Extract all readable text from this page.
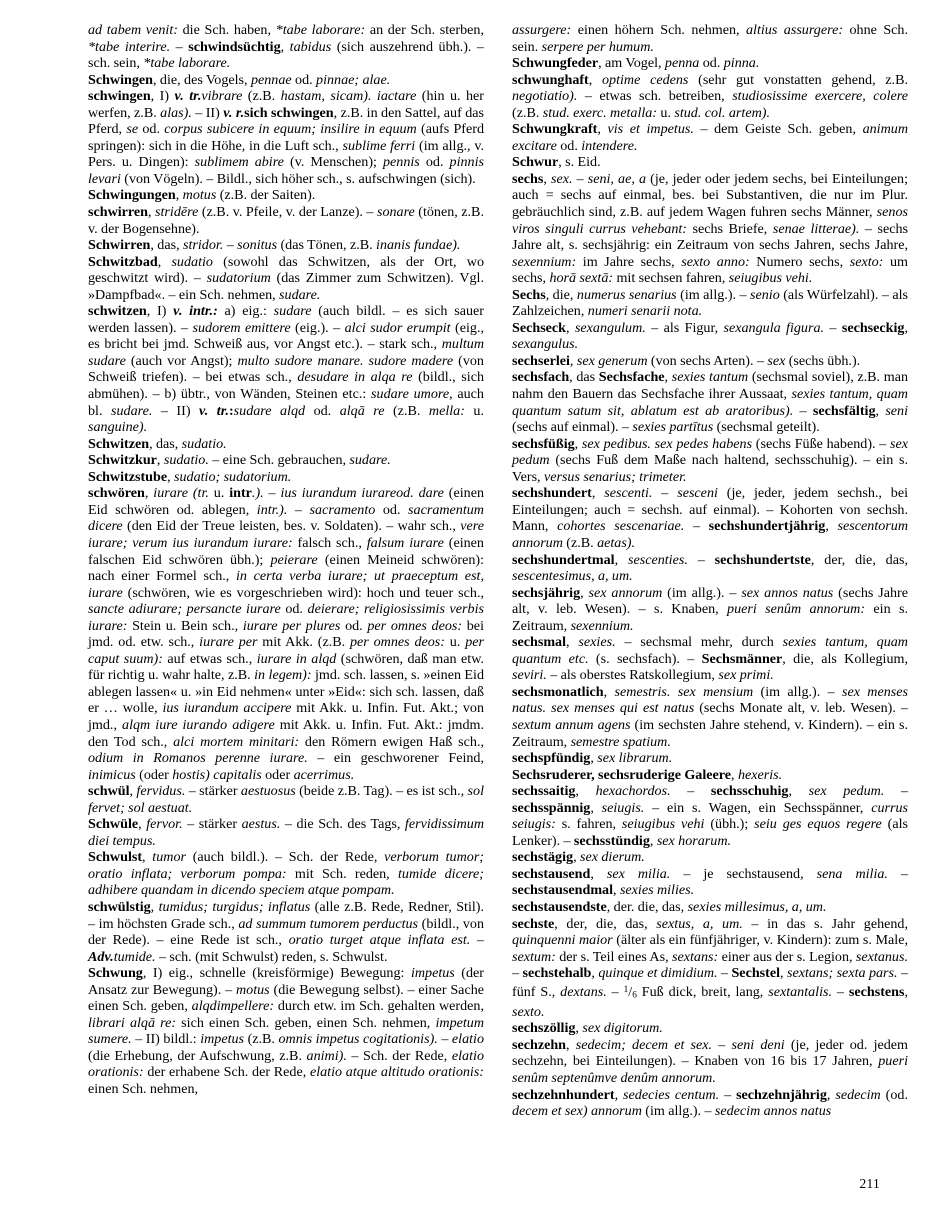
ad tabem venit: die Sch. haben, *tabe laborare: an der Sch. sterben, *tabe interire. – schwindsüchtig, tabidus (sich auszehrend übh.). – sch. sein, *tabe laborare.

Schwingen, die, des Vogels, pennae od. pinnae; alae.

schwingen, I) v. tr.vibrare (z.B. hastam, sicam). iactare (hin u. her werfen, z.B. alas). – II) v. r.sich schwingen, z.B. in den Sattel, auf das Pferd, se od. corpus subicere in equum; insilire in equum (aufs Pferd springen): sich in die Höhe, in die Luft sch., sublime ferri (im allg., v. Pers. u. Dingen): sublimem abire (v. Menschen); pennis od. pinnis levari (von Vögeln). – Bildl., sich höher sch., s. aufschwingen (sich).

Schwingungen, motus (z.B. der Saiten).

schwirren, stridēre (z.B. v. Pfeile, v. der Lanze). – sonare (tönen, z.B. v. der Bogensehne).

Schwirren, das, stridor. – sonitus (das Tönen, z.B. inanis fundae).

Schwitzbad, sudatio (sowohl das Schwitzen, als der Ort, wo geschwitzt wird). – sudatorium (das Zimmer zum Schwitzen). Vgl. »Dampfbad«. – ein Sch. nehmen, sudare.

schwitzen, I) v. intr.: a) eig.: sudare (auch bildl. – es sich sauer werden lassen). – sudorem emittere (eig.). – alci sudor erumpit (eig., es bricht bei jmd. Schweiß aus, vor Angst etc.). – stark sch., multum sudare (auch vor Angst); multo sudore manare. sudore madere (von Schweiß triefen). – bei etwas sch., desudare in alqa re (bildl., sich abmühen). – b) übtr., von Wänden, Steinen etc.: sudare umore, auch bl. sudare. – II) v. tr.:sudare alqd od. alqā re (z.B. mella: u. sanguine).

Schwitzen, das, sudatio.

Schwitzkur, sudatio. – eine Sch. gebrauchen, sudare.

Schwitzstube, sudatio; sudatorium.

schwören, iurare (tr. u. intr.). – ius iurandum iurareod. dare (einen Eid schwören od. ablegen, intr.). – sacramento od. sacramentum dicere (den Eid der Treue leisten, bes. v. Soldaten). – wahr sch., vere iurare; verum ius iurandum iurare: falsch sch., falsum iurare (einen falschen Eid schwören übh.); peierare (einen Meineid schwören): nach einer Formel sch., in certa verba iurare; ut praeceptum est, iurare (schwören, wie es vorgeschrieben wird): hoch und teuer sch., sancte adiurare; persancte iurare od. deierare; religiosissimis verbis iurare: Stein u. Bein sch., iurare per plures od. per omnes deos: bei jmd. od. etw. sch., iurare per mit Akk. (z.B. per omnes deos: u. per caput suum): auf etwas sch., iurare in alqd (schwören, daß man etw. für richtig u. wahr halte, z.B. in legem): jmd. sch. lassen, s. »einen Eid ablegen lassen« u. »in Eid nehmen« unter »Eid«: sich sch. lassen, daß er … wolle, ius iurandum accipere mit Akk. u. Infin. Fut. Akt.; von jmd., alqm iure iurando adigere mit Akk. u. Infin. Fut. Akt.: jmdm. den Tod sch., alci mortem minitari: den Römern ewigen Haß sch., odium in Romanos perenne iurare. – ein geschworener Feind, inimicus (oder hostis) capitalis oder acerrimus.

schwül, fervidus. – stärker aestuosus (beide z.B. Tag). – es ist sch., sol fervet; sol aestuat.

Schwüle, fervor. – stärker aestus. – die Sch. des Tags, fervidissimum diei tempus.

Schwulst, tumor (auch bildl.). – Sch. der Rede, verborum tumor; oratio inflata; verborum pompa: mit Sch. reden, tumide dicere; adhibere quandam in dicendo speciem atque pompam.

schwülstig, tumidus; turgidus; inflatus (alle z.B. Rede, Redner, Stil). – im höchsten Grade sch., ad summum tumorem perductus (bildl., von der Rede). – eine Rede ist sch., oratio turget atque inflata est. – Adv.tumide. – sch. (mit Schwulst) reden, s. Schwulst.

Schwung, I) eig., schnelle (kreisförmige) Bewegung: impetus (der Ansatz zur Bewegung). – motus (die Bewegung selbst). – einer Sache einen Sch. geben, alqdimpellere: durch etw. im Sch. gehalten werden, librari alqā re: sich einen Sch. geben, einen Sch. nehmen, impetum sumere. – II) bildl.: impetus (z.B. omnis impetus cogitationis). – elatio (die Erhebung, der Aufschwung, z.B. animi). – Sch. der Rede, elatio orationis: der erhabene Sch. der Rede, elatio atque altitudo orationis: einen Sch. nehmen,

assurgere: einen höhern Sch. nehmen, altius assurgere: ohne Sch. sein. serpere per humum.

Schwungfeder, am Vogel, penna od. pinna.

schwunghaft, optime cedens (sehr gut vonstatten gehend, z.B. negotiatio). – etwas sch. betreiben, studiosissime exercere, colere (z.B. stud. exerc. metalla: u. stud. col. artem).

Schwungkraft, vis et impetus. – dem Geiste Sch. geben, animum excitare od. intendere.

Schwur, s. Eid.

sechs, sex. – seni, ae, a (je, jeder oder jedem sechs, bei Einteilungen; auch = sechs auf einmal, bes. bei Substantiven, die nur im Plur. gebräuchlich sind, z.B. auf jedem Wagen fuhren sechs Männer, senos viros singuli currus vehebant: sechs Briefe, senae litterae). – sechs Jahre alt, s. sechsjährig: ein Zeitraum von sechs Jahren, sechs Jahre, sexennium: im Jahre sechs, sexto anno: Numero sechs, sexto: um sechs, horā sextā: mit sechsen fahren, seiugibus vehi.

Sechs, die, numerus senarius (im allg.). – senio (als Würfelzahl). – als Zahlzeichen, numeri senarii nota.

Sechseck, sexangulum. – als Figur, sexangula figura. – sechseckig, sexangulus.

sechserlei, sex generum (von sechs Arten). – sex (sechs übh.).

sechsfach, das Sechsfache, sexies tantum (sechsmal soviel), z.B. man nahm den Bauern das Sechsfache ihrer Aussaat, sexies tantum, quam quantum satum sit, ablatum est ab aratoribus). – sechsfältig, seni (sechs auf einmal). – sexies partītus (sechsmal geteilt).

sechsfüßig, sex pedibus. sex pedes habens (sechs Füße habend). – sex pedum (sechs Fuß dem Maße nach haltend, sechsschuhig). – ein s. Vers, versus senarius; trimeter.

sechshundert, sescenti. – sesceni (je, jeder, jedem sechsh., bei Einteilungen; auch = sechsh. auf einmal). – Kohorten von sechsh. Mann, cohortes sescenariae. – sechshundertjährig, sescentorum annorum (z.B. aetas).

sechshundertmal, sescenties. – sechshundertste, der, die, das, sescentesimus, a, um.

sechsjährig, sex annorum (im allg.). – sex annos natus (sechs Jahre alt, v. leb. Wesen). – s. Knaben, pueri senûm annorum: ein s. Zeitraum, sexennium.

sechsmal, sexies. – sechsmal mehr, durch sexies tantum, quam quantum etc. (s. sechsfach). – Sechsmänner, die, als Kollegium, seviri. – als oberstes Ratskollegium, sex primi.

sechsmonatlich, semestris. sex mensium (im allg.). – sex menses natus. sex menses qui est natus (sechs Monate alt, v. leb. Wesen). – sextum annum agens (im sechsten Jahre stehend, v. Kindern). – ein s. Zeitraum, semestre spatium.

sechspfündig, sex librarum.

Sechsruderer, sechsruderige Galeere, hexeris.

sechssaitig, hexachordos. – sechsschuhig, sex pedum. – sechsspännig, seiugis. – ein s. Wagen, ein Sechsspänner, currus seiugis: s. fahren, seiugibus vehi (übh.); seiu ges equos regere (als Lenker). – sechsstündig, sex horarum.

sechstägig, sex dierum.

sechstausend, sex milia. – je sechstausend, sena milia. – sechstausendmal, sexies milies.

sechstausendste, der. die, das, sexies millesimus, a, um.

sechste, der, die, das, sextus, a, um. – in das s. Jahr gehend, quinquenni maior (älter als ein fünfjähriger, v. Kindern): zum s. Male, sextum: der s. Teil eines As, sextans: einer aus der s. Legion, sextanus. – sechstehalb, quinque et dimidium. – Sechstel, sextans; sexta pars. – fünf S., dextans. – $^1/_6$ Fuß dick, breit, lang, sextantalis. – sechstens, sexto.

sechszöllig, sex digitorum.

sechzehn, sedecim; decem et sex. – seni deni (je, jeder od. jedem sechzehn, bei Einteilungen). – Knaben von 16 bis 17 Jahren, pueri senûm septenûmve denûm annorum.

sechzehnhundert, sedecies centum. – sechzehnjährig, sedecim (od. decem et sex) annorum (im allg.). – sedecim annos natus

211
